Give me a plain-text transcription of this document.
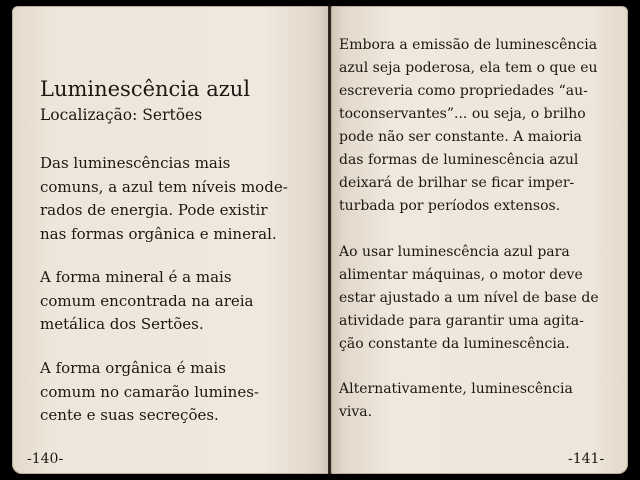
Luminescência azul
Localização: Sertões

Das luminescências mais
comuns, a azul tem níveis mode-
rados de energia. Pode existir
nas formas orgânica e mineral.

A forma mineral é a mais
comum encontrada na areia
metálica dos Sertões.

A forma orgânica é mais
comum no camarão lumines-
cente e suas secreções.

-140-

Embora a emissão de luminescência
azul seja poderosa, ela tem o que eu
escreveria como propriedades “au-
toconservantes”... ou seja, o brilho
pode não ser constante. A maioria
das formas de luminescência azul
deixará de brilhar se ficar imper-
turbada por períodos extensos.

Ao usar luminescência azul para
alimentar máquinas, o motor deve
estar ajustado a um nível de base de
atividade para garantir uma agita-
ção constante da luminescência.

Alternativamente, luminescência
viva.

-141-
